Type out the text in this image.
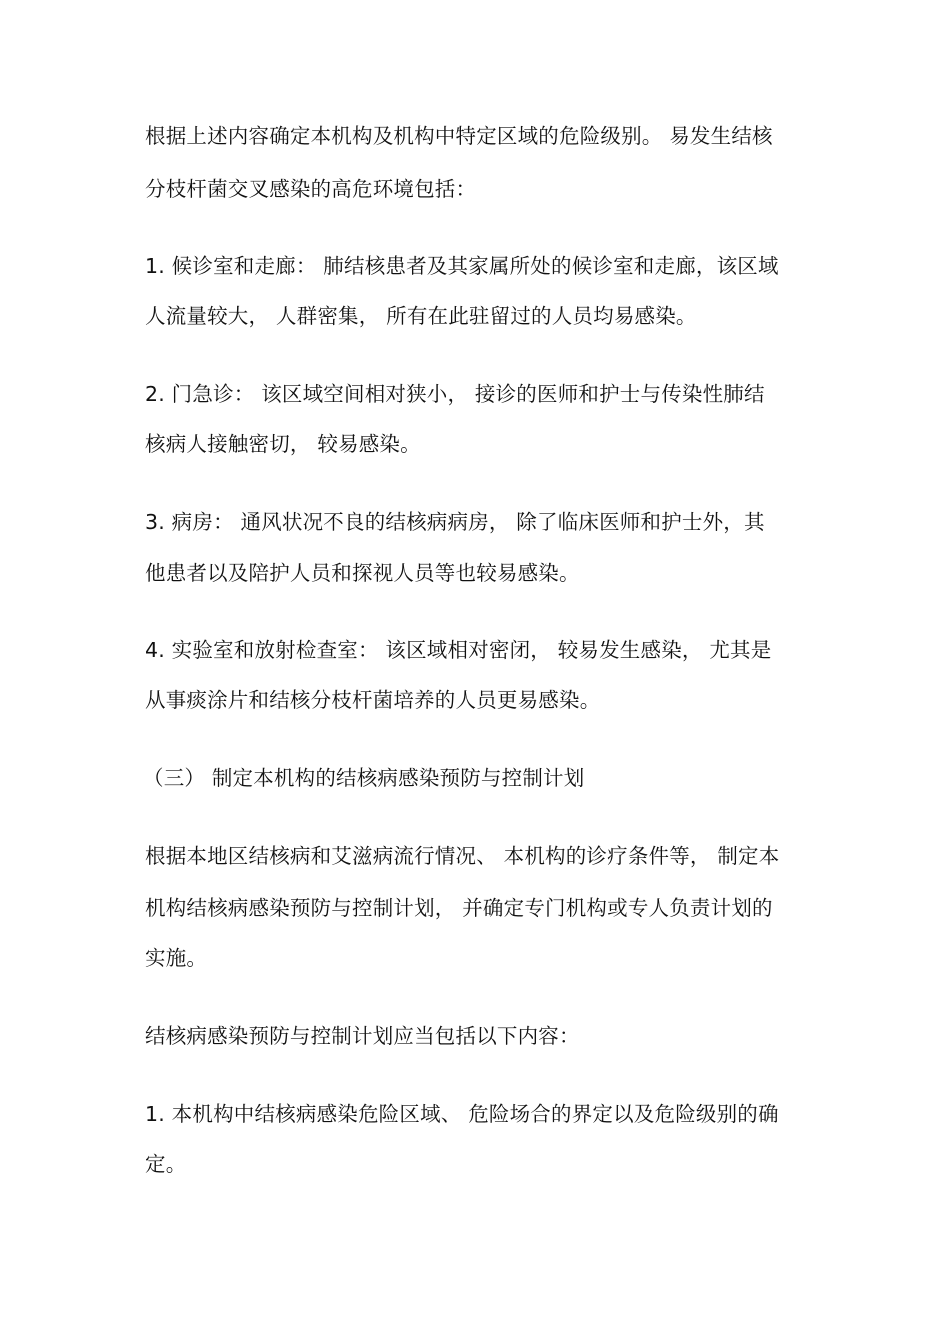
根据上述内容确定本机构及机构中特定区域的危险级别。 易发生结核
分枝杆菌交叉感染的高危环境包括：
1. 候诊室和走廊： 肺结核患者及其家属所处的候诊室和走廊，该区域
人流量较大， 人群密集， 所有在此驻留过的人员均易感染。
2. 门急诊： 该区域空间相对狭小， 接诊的医师和护士与传染性肺结
核病人接触密切， 较易感染。
3. 病房： 通风状况不良的结核病病房， 除了临床医师和护士外，其
他患者以及陪护人员和探视人员等也较易感染。
4. 实验室和放射检查室： 该区域相对密闭， 较易发生感染， 尤其是
从事痰涂片和结核分枝杆菌培养的人员更易感染。
（三） 制定本机构的结核病感染预防与控制计划
根据本地区结核病和艾滋病流行情况、 本机构的诊疗条件等， 制定本
机构结核病感染预防与控制计划， 并确定专门机构或专人负责计划的
实施。
结核病感染预防与控制计划应当包括以下内容：
1. 本机构中结核病感染危险区域、 危险场合的界定以及危险级别的确
定。
